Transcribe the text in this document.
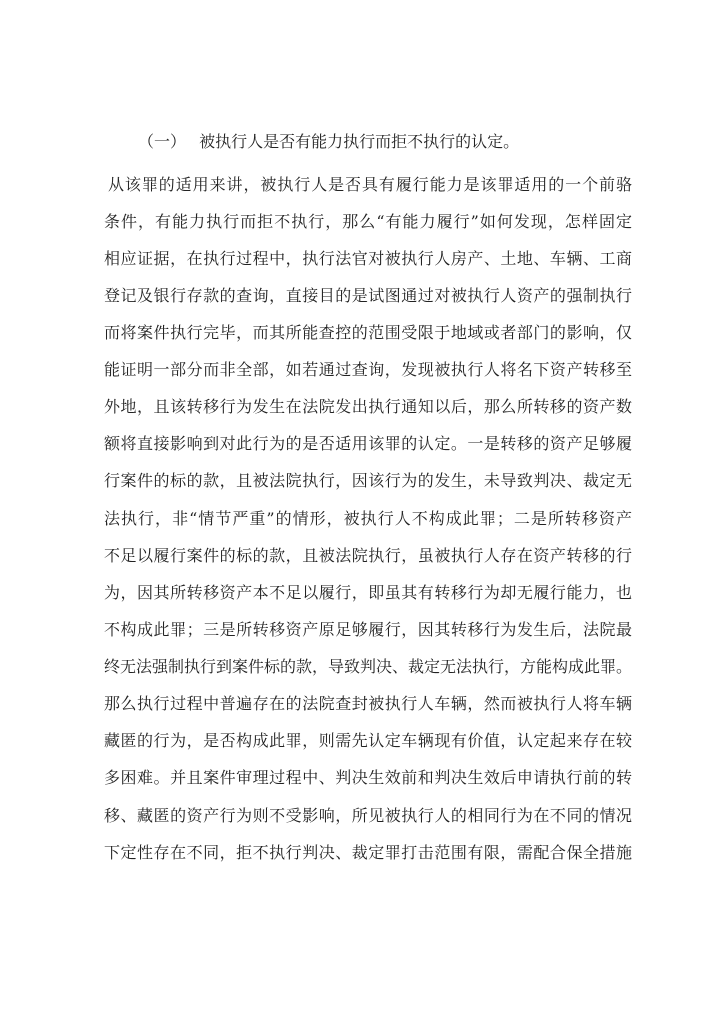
（一） 被执行人是否有能力执行而拒不执行的认定。
从该罪的适用来讲，被执行人是否具有履行能力是该罪适用的一个前骆
条件，有能力执行而拒不执行，那么“有能力履行”如何发现，怎样固定
相应证据，在执行过程中，执行法官对被执行人房产、土地、车辆、工商
登记及银行存款的查询，直接目的是试图通过对被执行人资产的强制执行
而将案件执行完毕，而其所能查控的范围受限于地域或者部门的影响，仅
能证明一部分而非全部，如若通过查询，发现被执行人将名下资产转移至
外地，且该转移行为发生在法院发出执行通知以后，那么所转移的资产数
额将直接影响到对此行为的是否适用该罪的认定。一是转移的资产足够履
行案件的标的款，且被法院执行，因该行为的发生，未导致判决、裁定无
法执行，非“情节严重”的情形，被执行人不构成此罪；二是所转移资产
不足以履行案件的标的款，且被法院执行，虽被执行人存在资产转移的行
为，因其所转移资产本不足以履行，即虽其有转移行为却无履行能力，也
不构成此罪；三是所转移资产原足够履行，因其转移行为发生后，法院最
终无法强制执行到案件标的款，导致判决、裁定无法执行，方能构成此罪。
那么执行过程中普遍存在的法院查封被执行人车辆，然而被执行人将车辆
藏匿的行为，是否构成此罪，则需先认定车辆现有价值，认定起来存在较
多困难。并且案件审理过程中、判决生效前和判决生效后申请执行前的转
移、藏匿的资产行为则不受影响，所见被执行人的相同行为在不同的情况
下定性存在不同，拒不执行判决、裁定罪打击范围有限，需配合保全措施
